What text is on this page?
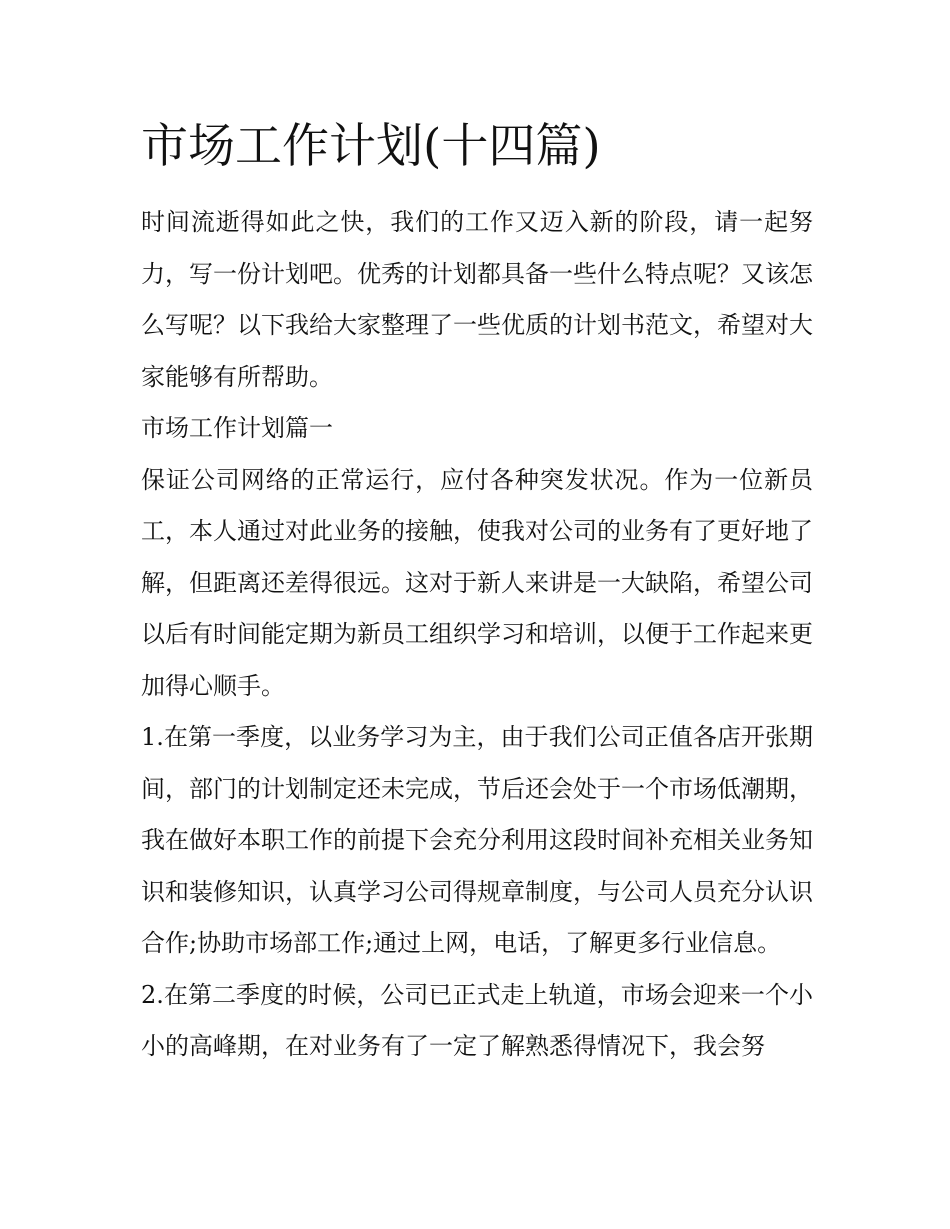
市场工作计划(十四篇)

时间流逝得如此之快，我们的工作又迈入新的阶段，请一起努力，写一份计划吧。优秀的计划都具备一些什么特点呢？又该怎么写呢？以下我给大家整理了一些优质的计划书范文，希望对大家能够有所帮助。

市场工作计划篇一

保证公司网络的正常运行，应付各种突发状况。作为一位新员工，本人通过对此业务的接触，使我对公司的业务有了更好地了解，但距离还差得很远。这对于新人来讲是一大缺陷，希望公司以后有时间能定期为新员工组织学习和培训，以便于工作起来更加得心顺手。

1.在第一季度，以业务学习为主，由于我们公司正值各店开张期间，部门的计划制定还未完成，节后还会处于一个市场低潮期，我在做好本职工作的前提下会充分利用这段时间补充相关业务知识和装修知识，认真学习公司得规章制度，与公司人员充分认识合作;协助市场部工作;通过上网，电话，了解更多行业信息。

2.在第二季度的时候，公司已正式走上轨道，市场会迎来一个小小的高峰期，在对业务有了一定了解熟悉得情况下，我会努
